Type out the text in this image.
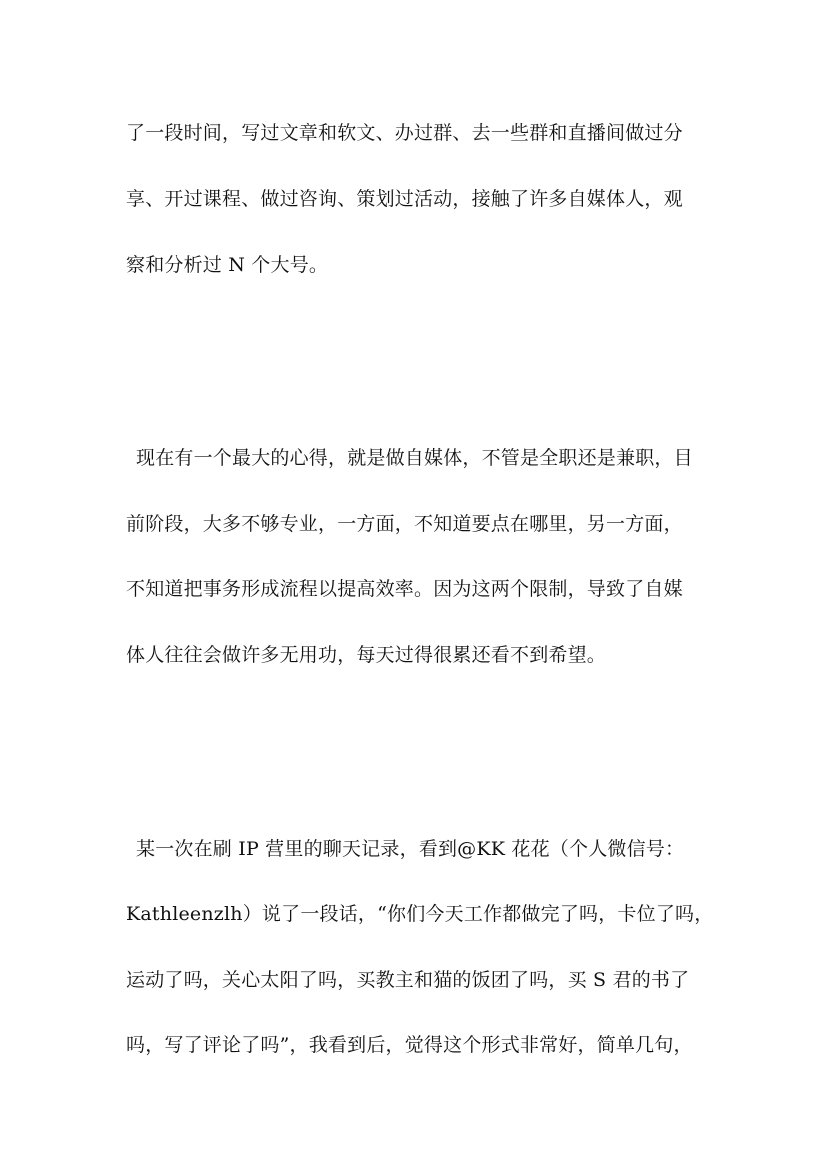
了一段时间，写过文章和软文、办过群、去一些群和直播间做过分
享、开过课程、做过咨询、策划过活动，接触了许多自媒体人，观
察和分析过 N 个大号。
现在有一个最大的心得，就是做自媒体，不管是全职还是兼职，目
前阶段，大多不够专业，一方面，不知道要点在哪里，另一方面，
不知道把事务形成流程以提高效率。因为这两个限制，导致了自媒
体人往往会做许多无用功，每天过得很累还看不到希望。
某一次在刷 IP 营里的聊天记录，看到@KK 花花（个人微信号：
Kathleenzlh）说了一段话，“你们今天工作都做完了吗，卡位了吗，
运动了吗，关心太阳了吗，买教主和猫的饭团了吗，买 S 君的书了
吗，写了评论了吗”，我看到后，觉得这个形式非常好，简单几句，
